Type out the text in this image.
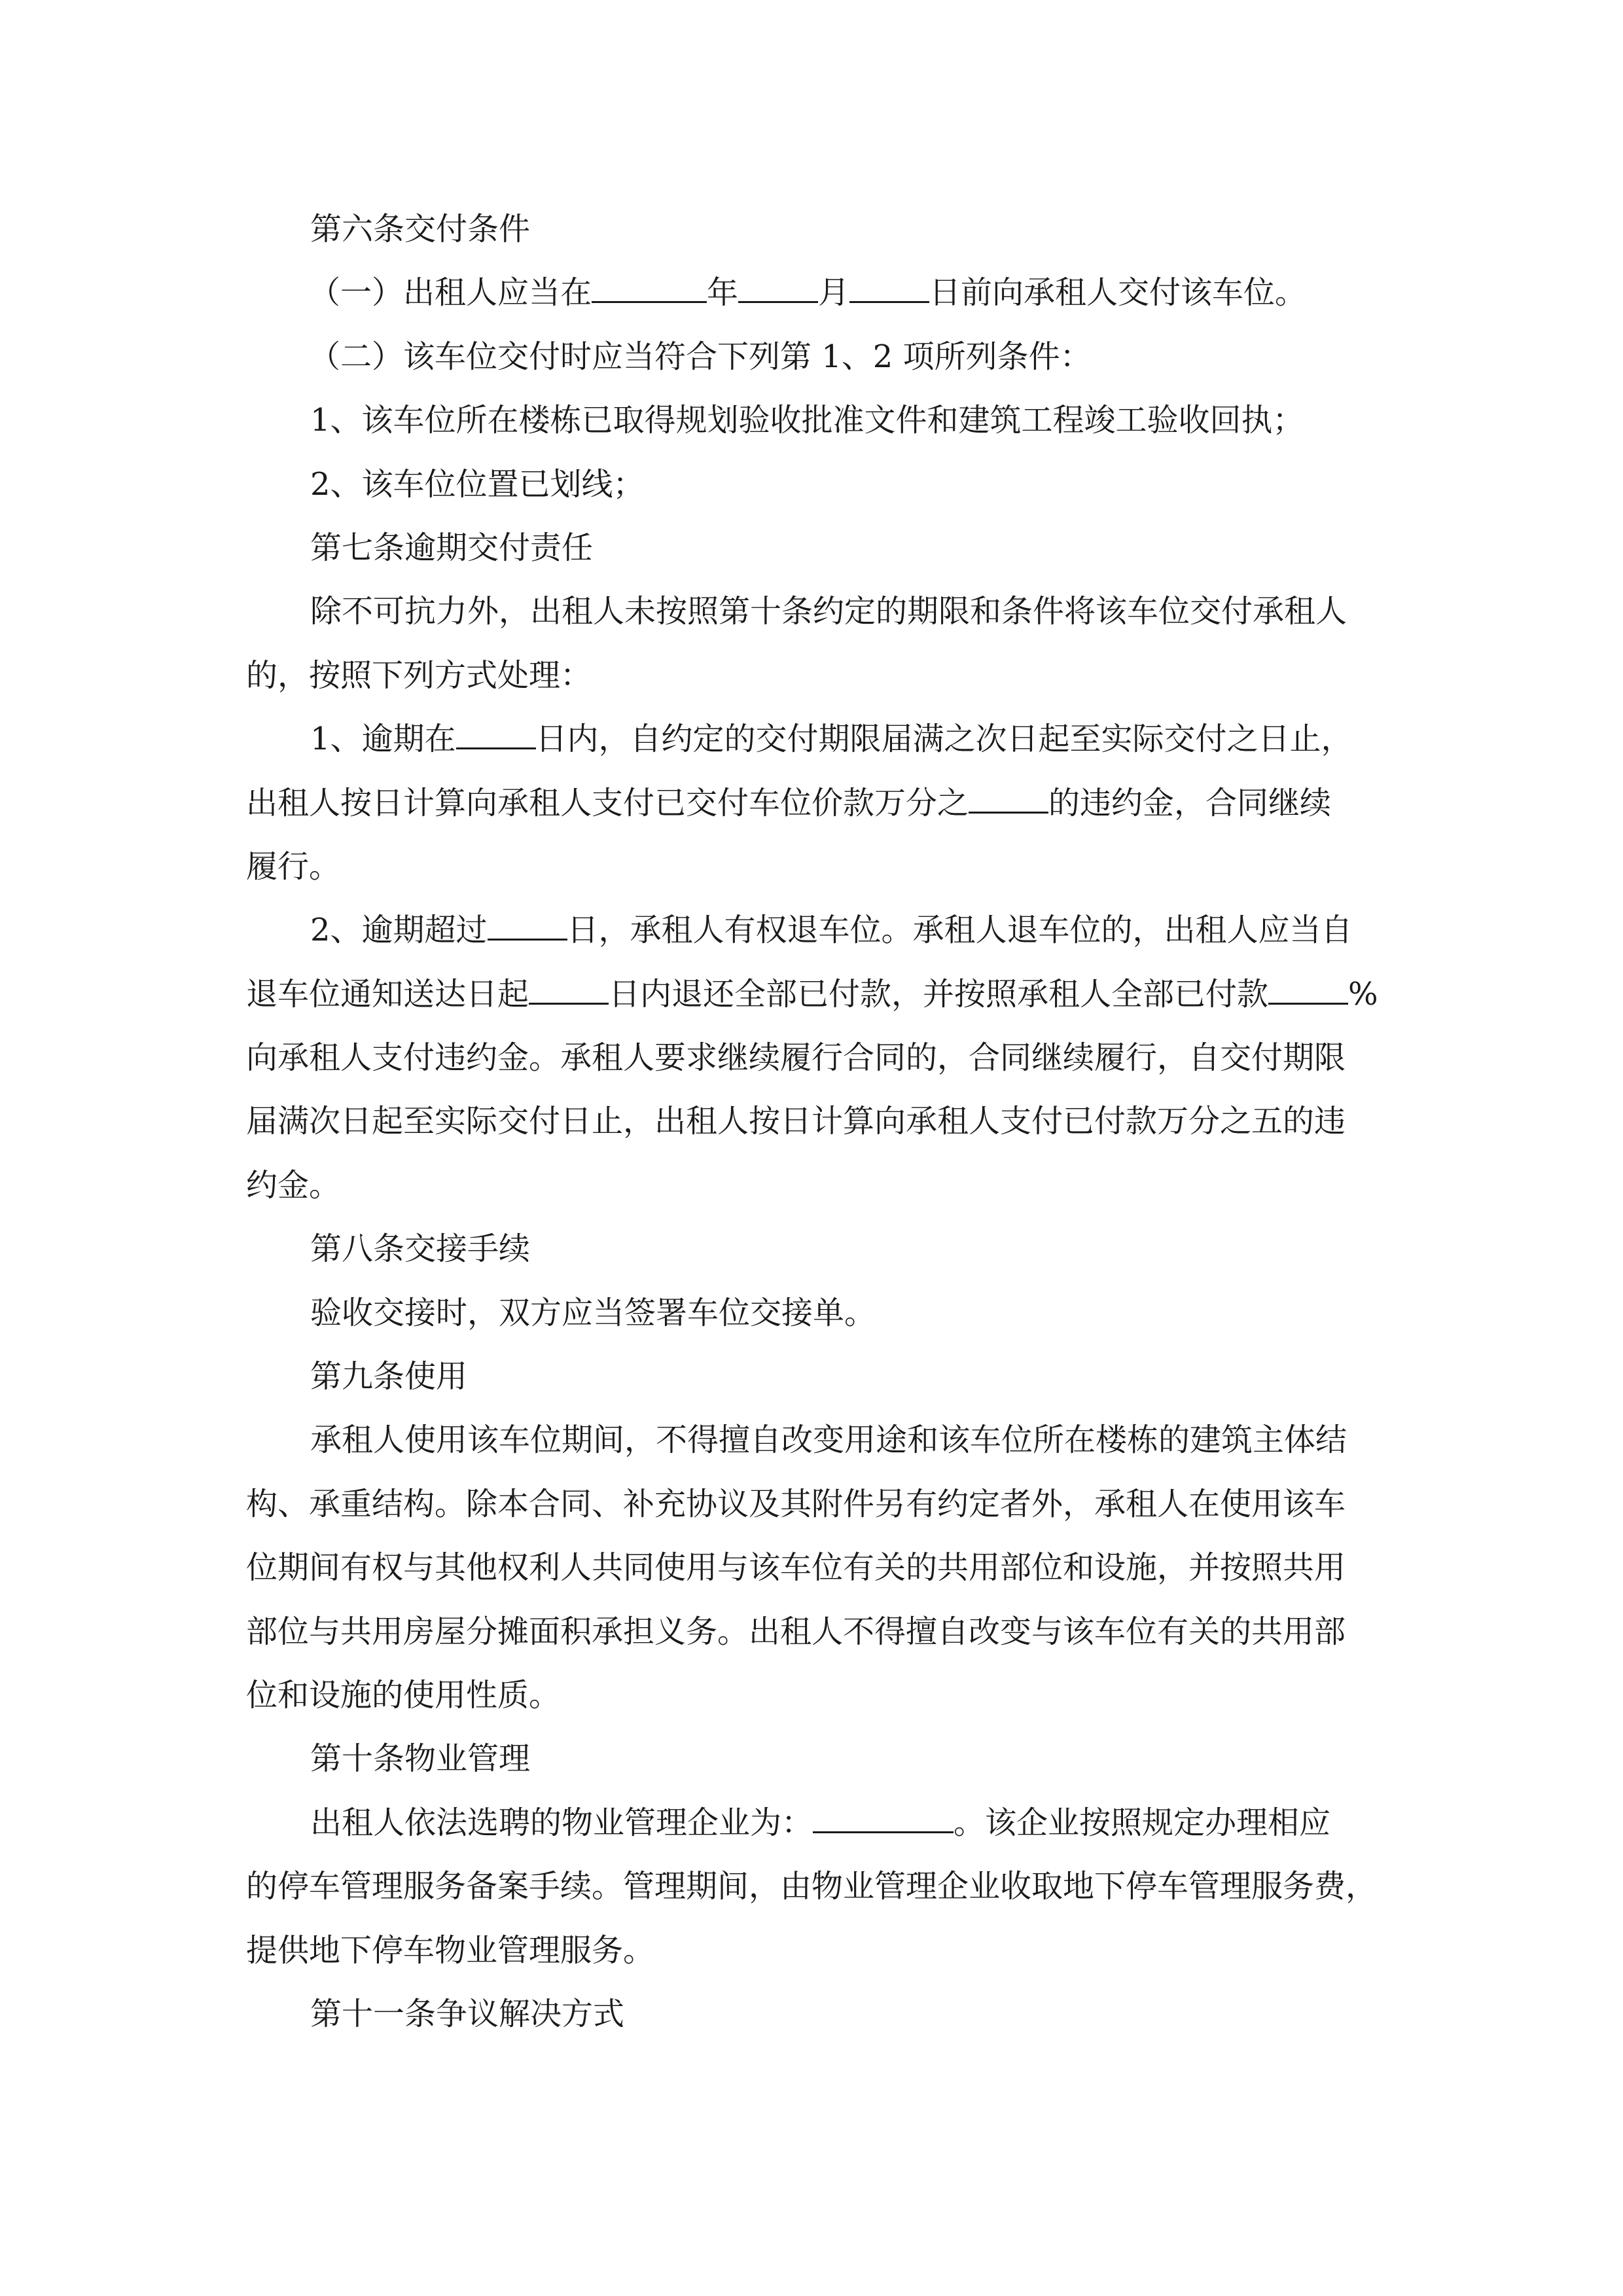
第六条交付条件
（一）出租人应当在	年	月	日前向承租人交付该车位。
（二）该车位交付时应当符合下列第 1、2 项所列条件：
1、该车位所在楼栋已取得规划验收批准文件和建筑工程竣工验收回执；
2、该车位位置已划线；
第七条逾期交付责任
除不可抗力外，出租人未按照第十条约定的期限和条件将该车位交付承租人
的，按照下列方式处理：
1、逾期在	日内，自约定的交付期限届满之次日起至实际交付之日止，
出租人按日计算向承租人支付已交付车位价款万分之	的违约金，合同继续
履行。
2、逾期超过	日，承租人有权退车位。承租人退车位的，出租人应当自
退车位通知送达日起	日内退还全部已付款，并按照承租人全部已付款	%
向承租人支付违约金。承租人要求继续履行合同的，合同继续履行，自交付期限
届满次日起至实际交付日止，出租人按日计算向承租人支付已付款万分之五的违
约金。
第八条交接手续
验收交接时，双方应当签署车位交接单。
第九条使用
承租人使用该车位期间，不得擅自改变用途和该车位所在楼栋的建筑主体结
构、承重结构。除本合同、补充协议及其附件另有约定者外，承租人在使用该车
位期间有权与其他权利人共同使用与该车位有关的共用部位和设施，并按照共用
部位与共用房屋分摊面积承担义务。出租人不得擅自改变与该车位有关的共用部
位和设施的使用性质。
第十条物业管理
出租人依法选聘的物业管理企业为：	。该企业按照规定办理相应
的停车管理服务备案手续。管理期间，由物业管理企业收取地下停车管理服务费，
提供地下停车物业管理服务。
第十一条争议解决方式
